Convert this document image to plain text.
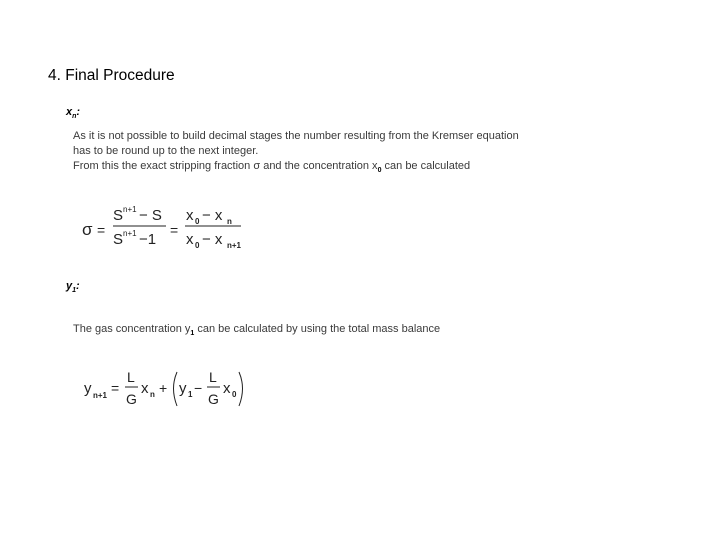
4. Final Procedure
$x_n$:
As it is not possible to build decimal stages the number resulting from the Kremser equation
has to be round up to the next integer.
From this the exact stripping fraction σ and the concentration $x_0$ can be calculated
σ =
S n+1 − S
S n+1 −1
=
x 0 − x n
x 0 − x n+1
$y_1$:
The gas concentration $y_1$ can be calculated by using the total mass balance
y n+1 =
L
G
x n + y 1 −
L
G
x 0
